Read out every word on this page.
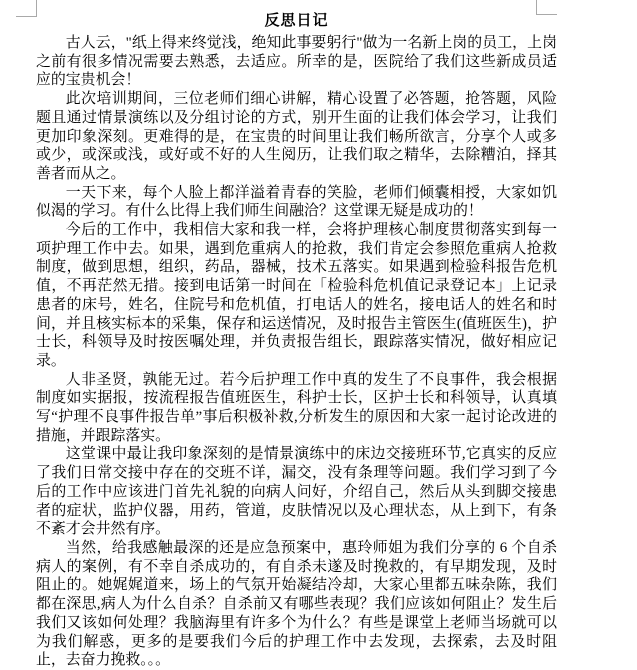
反思日记

古人云，"纸上得来终觉浅，绝知此事要躬行"做为一名新上岗的员工，上岗之前有很多情况需要去熟悉，去适应。所幸的是，医院给了我们这些新成员适应的宝贵机会！

此次培训期间，三位老师们细心讲解，精心设置了必答题，抢答题，风险题且通过情景演练以及分组讨论的方式，别开生面的让我们体会学习，让我们更加印象深刻。更难得的是，在宝贵的时间里让我们畅所欲言，分享个人或多或少，或深或浅，或好或不好的人生阅历，让我们取之精华，去除糟泊，择其善者而从之。

一天下来，每个人脸上都洋溢着青春的笑脸，老师们倾囊相授，大家如饥似渴的学习。有什么比得上我们师生间融洽？这堂课无疑是成功的！

今后的工作中，我相信大家和我一样，会将护理核心制度贯彻落实到每一项护理工作中去。如果，遇到危重病人的抢救，我们肯定会参照危重病人抢救制度，做到思想，组织，药品，器械，技术五落实。如果遇到检验科报告危机值，不再茫然无措。接到电话第一时间在「检验科危机值记录登记本」上记录患者的床号，姓名，住院号和危机值，打电话人的姓名，接电话人的姓名和时间，并且核实标本的采集，保存和运送情况，及时报告主管医生(值班医生)，护士长，科领导及时按医嘱处理，并负责报告组长，跟踪落实情况，做好相应记录。

人非圣贤，孰能无过。若今后护理工作中真的发生了不良事件，我会根据制度如实据报，按流程报告值班医生，科护士长，区护士长和科领导，认真填写“护理不良事件报告单”事后积极补救,分析发生的原因和大家一起讨论改进的措施，并跟踪落实。

这堂课中最让我印象深刻的是情景演练中的床边交接班环节,它真实的反应了我们日常交接中存在的交班不详，漏交，没有条理等问题。我们学习到了今后的工作中应该进门首先礼貌的向病人问好，介绍自己，然后从头到脚交接患者的症状，监护仪器，用药，管道，皮肤情况以及心理状态，从上到下，有条不紊才会井然有序。

当然，给我感触最深的还是应急预案中，惠玲师姐为我们分享的 6 个自杀病人的案例，有不幸自杀成功的，有自杀未遂及时挽救的，有早期发现，及时阻止的。她娓娓道来，场上的气氛开始凝结冷却，大家心里都五味杂陈，我们都在深思,病人为什么自杀？自杀前又有哪些表现？我们应该如何阻止？发生后我们又该如何处理？我脑海里有许多个为什么？有些是课堂上老师当场就可以为我们解惑，更多的是要我们今后的护理工作中去发现，去探索，去及时阻止，去奋力挽救。。。
